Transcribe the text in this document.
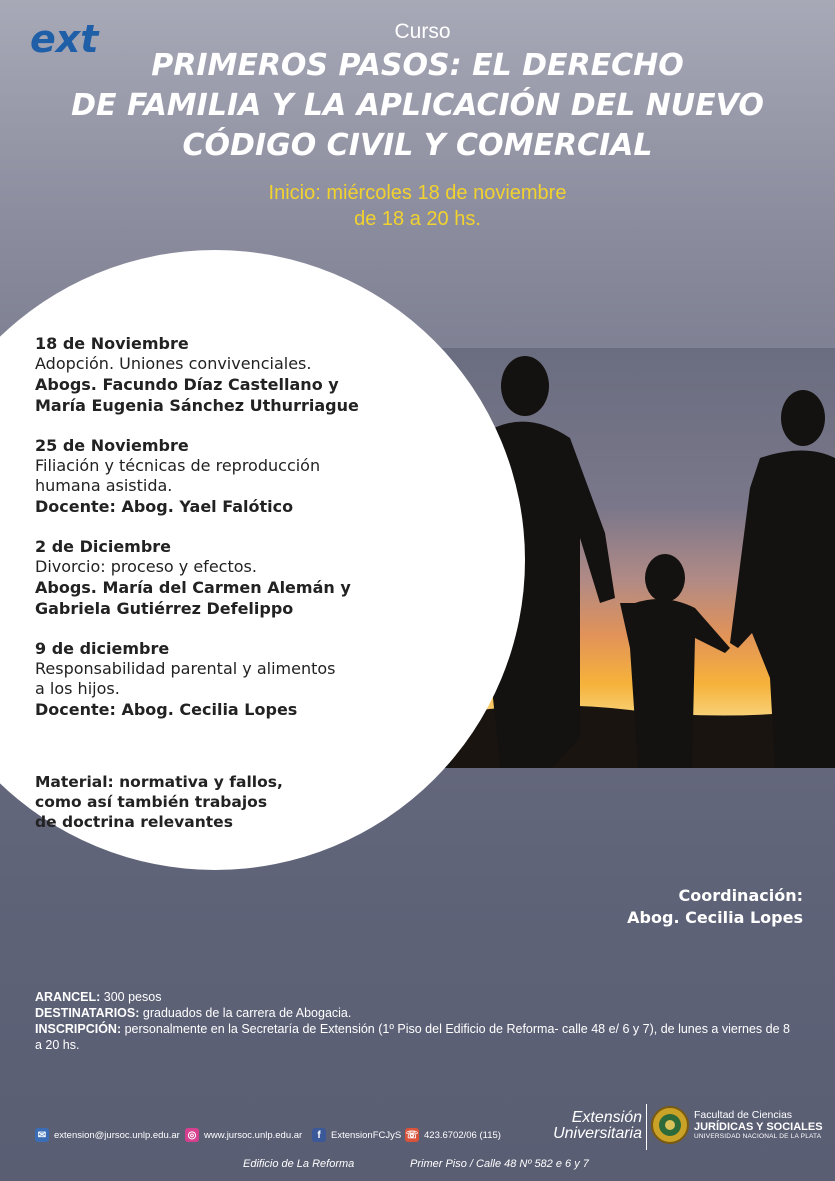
ext	Curso
PRIMEROS PASOS: EL DERECHO
DE FAMILIA Y LA APLICACIÓN DEL NUEVO
CÓDIGO CIVIL Y COMERCIAL
Inicio: miércoles 18 de noviembre
de 18 a 20 hs.
18 de Noviembre
Adopción. Uniones convivenciales.
Abogs. Facundo Díaz Castellano y
María Eugenia Sánchez Uthurriague
25 de Noviembre
Filiación y técnicas de reproducción
humana asistida.
Docente: Abog. Yael Falótico
2 de Diciembre
Divorcio: proceso y efectos.
Abogs. María del Carmen Alemán y
Gabriela Gutiérrez Defelippo
9 de diciembre
Responsabilidad parental y alimentos
a los hijos.
Docente: Abog. Cecilia Lopes
Material: normativa y fallos,
como así también trabajos
de doctrina relevantes
Coordinación:
Abog. Cecilia Lopes
ARANCEL: 300 pesos
DESTINATARIOS: graduados de la carrera de Abogacia.
INSCRIPCIÓN: personalmente en la Secretaría de Extensión (1º Piso del Edificio de Reforma- calle 48 e/ 6 y 7), de lunes a viernes de 8 a 20 hs.
✉ extension@jursoc.unlp.edu.ar ◎ www.jursoc.unlp.edu.ar	f	ExtensionFCJyS ☏ 423.6702/06 (115)
Extensión
Universitaria
Facultad de Ciencias
JURÍDICAS Y SOCIALES
UNIVERSIDAD NACIONAL DE LA PLATA
Edificio de La Reforma	Primer Piso / Calle 48 Nº 582 e 6 y 7
